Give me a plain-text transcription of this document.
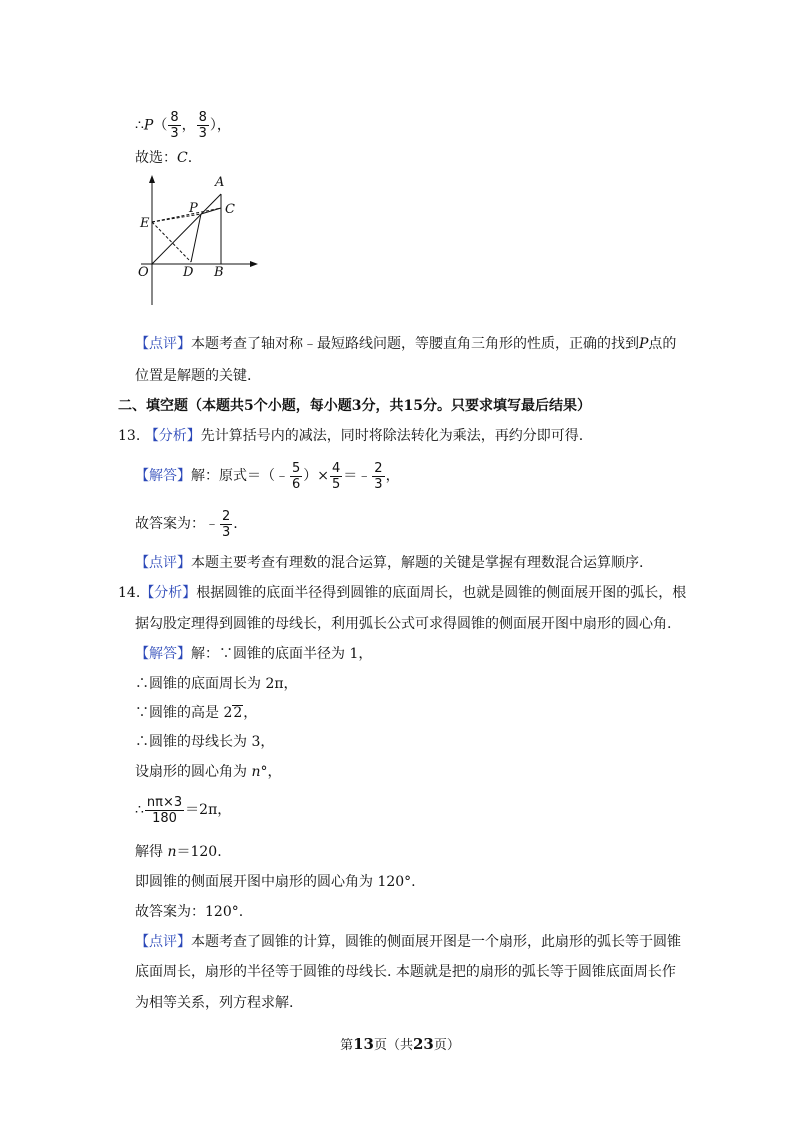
∴P（ $\frac{8}{3}$ ， $\frac{8}{3}$ ），
故选：C.
A
C
P
E
O	D B
【点评】本题考查了轴对称﹣最短路线问题，等腰直角三角形的性质，正确的找到P点的
位置是解题的关键.
二、填空题（本题共5个小题，每小题3分，共15分。只要求填写最后结果）
13. 【分析】先计算括号内的减法，同时将除法转化为乘法，再约分即可得.
【解答】解：原式＝（﹣ $\frac{5}{6}$ ）× $\frac{4}{5}$ ＝﹣ $\frac{2}{3}$ ，
故答案为：﹣ $\frac{2}{3}$ .
【点评】本题主要考查有理数的混合运算，解题的关键是掌握有理数混合运算顺序.
14.【分析】根据圆锥的底面半径得到圆锥的底面周长，也就是圆锥的侧面展开图的弧长，根
据勾股定理得到圆锥的母线长，利用弧长公式可求得圆锥的侧面展开图中扇形的圆心角.
【解答】解：∵圆锥的底面半径为 1，
∴圆锥的底面周长为 2π，
∵圆锥的高是 22，
∴圆锥的母线长为 3，
设扇形的圆心角为 n°，
∴ $\frac{n\pi\times 3}{180} =2\pi$，
解得 n＝120.
即圆锥的侧面展开图中扇形的圆心角为 120°.
故答案为：120°.
【点评】本题考查了圆锥的计算，圆锥的侧面展开图是一个扇形，此扇形的弧长等于圆锥
底面周长，扇形的半径等于圆锥的母线长. 本题就是把的扇形的弧长等于圆锥底面周长作
为相等关系，列方程求解.
第13页（共23页）
